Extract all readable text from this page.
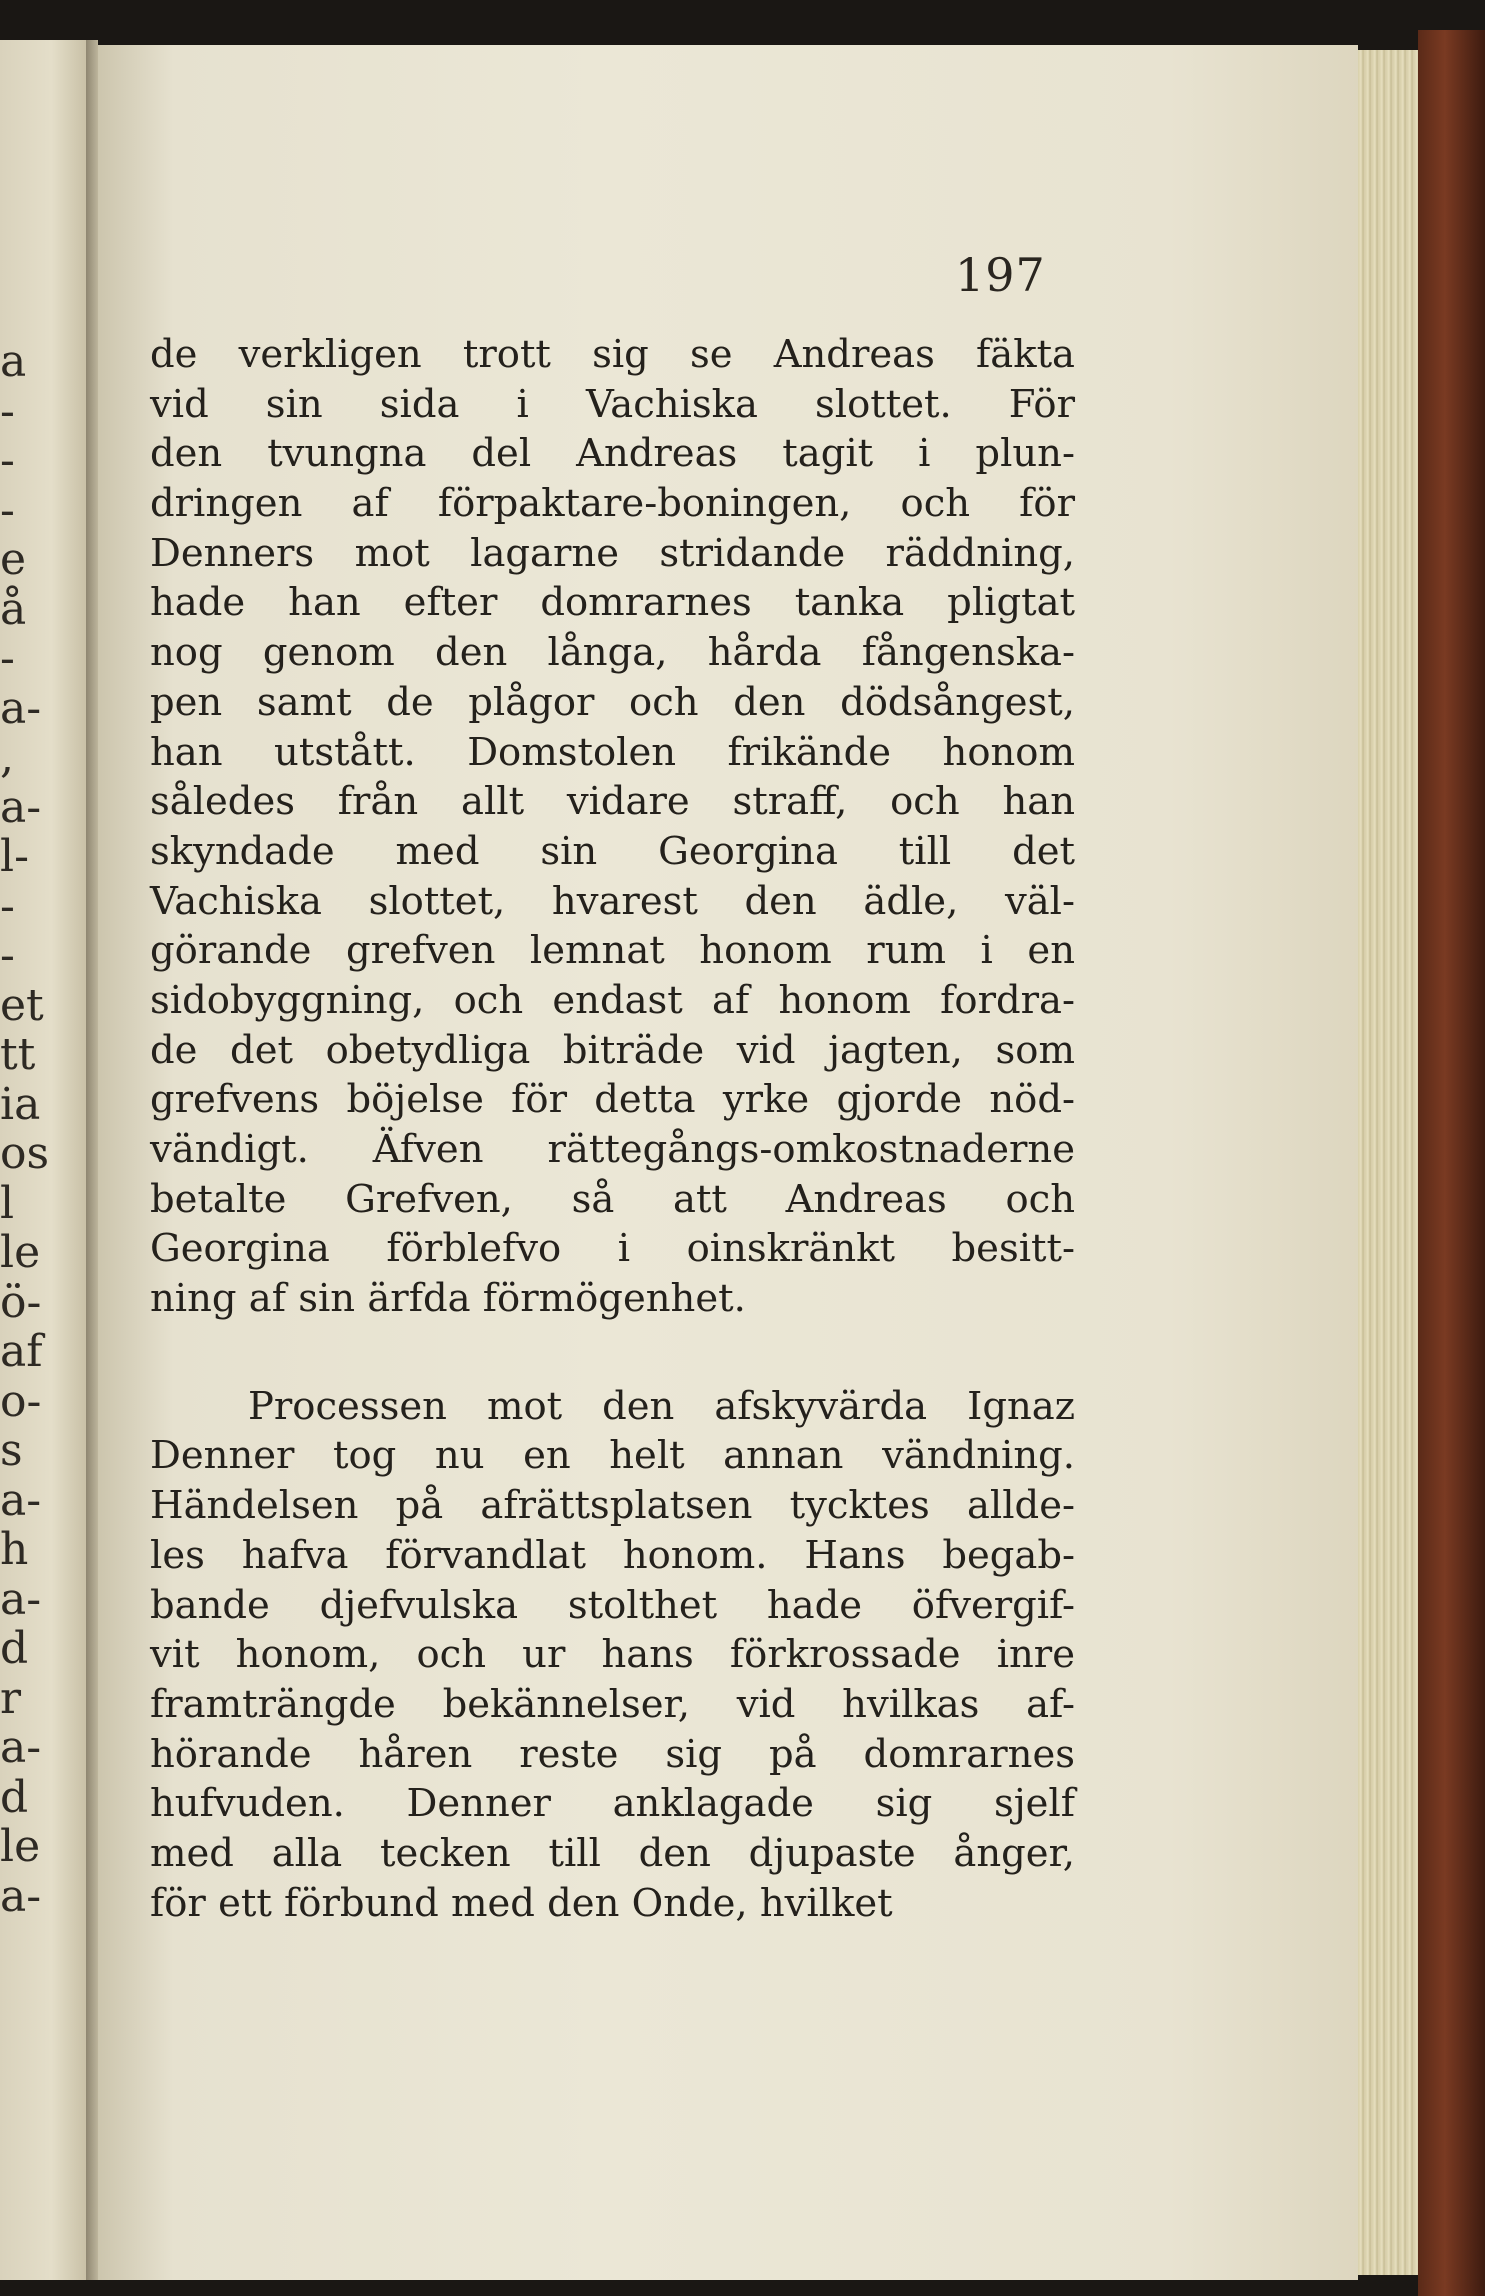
a
-
-
-
e
å
-
a-
,
a-
l-
-
-
et
tt
ia
os
l
le
ö-
af
o-
s
a-
h
a-
d
r
a-
d
le
a-
197
de verkligen trott sig se Andreas fäkta
vid sin sida i Vachiska slottet. För
den tvungna del Andreas tagit i plun-
dringen af förpaktare-boningen, och för
Denners mot lagarne stridande räddning,
hade han efter domrarnes tanka pligtat
nog genom den långa, hårda fångenska-
pen samt de plågor och den dödsångest,
han utstått. Domstolen frikände honom
således från allt vidare straff, och han
skyndade med sin Georgina till det
Vachiska slottet, hvarest den ädle, väl-
görande grefven lemnat honom rum i en
sidobyggning, och endast af honom fordra-
de det obetydliga biträde vid jagten, som
grefvens böjelse för detta yrke gjorde nöd-
vändigt. Äfven rättegångs-omkostnaderne
betalte Grefven, så att Andreas och
Georgina förblefvo i oinskränkt besitt-
ning af sin ärfda förmögenhet.
Processen mot den afskyvärda Ignaz
Denner tog nu en helt annan vändning.
Händelsen på afrättsplatsen tycktes allde-
les hafva förvandlat honom. Hans begab-
bande djefvulska stolthet hade öfvergif-
vit honom, och ur hans förkrossade inre
framträngde bekännelser, vid hvilkas af-
hörande håren reste sig på domrarnes
hufvuden. Denner anklagade sig sjelf
med alla tecken till den djupaste ånger,
för ett förbund med den Onde, hvilket
